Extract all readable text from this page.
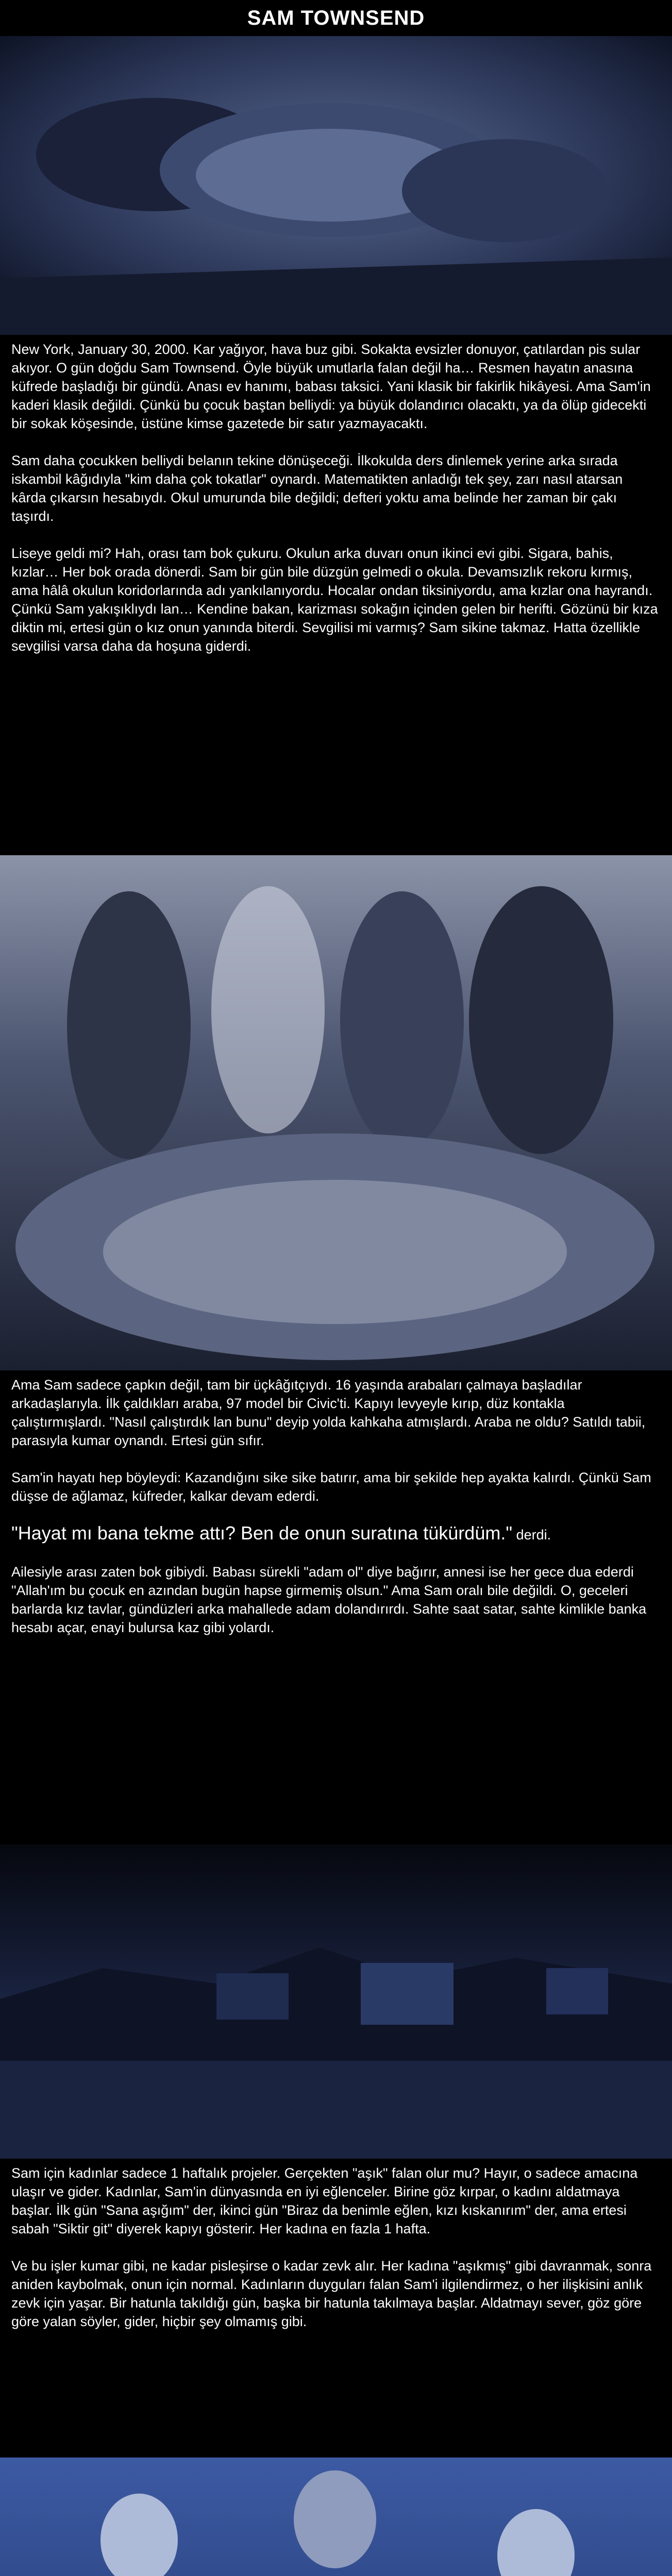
SAM TOWNSEND

New York, January 30, 2000. Kar yağıyor, hava buz gibi. Sokakta evsizler donuyor, çatılardan pis sular akıyor. O gün doğdu Sam Townsend. Öyle büyük umutlarla falan değil ha… Resmen hayatın anasına küfrede başladığı bir gündü. Anası ev hanımı, babası taksici. Yani klasik bir fakirlik hikâyesi. Ama Sam'in kaderi klasik değildi. Çünkü bu çocuk baştan belliydi: ya büyük dolandırıcı olacaktı, ya da ölüp gidecekti bir sokak köşesinde, üstüne kimse gazetede bir satır yazmayacaktı.

Sam daha çocukken belliydi belanın tekine dönüşeceği. İlkokulda ders dinlemek yerine arka sırada iskambil kâğıdıyla "kim daha çok tokatlar" oynardı. Matematikten anladığı tek şey, zarı nasıl atarsan kârda çıkarsın hesabıydı. Okul umurunda bile değildi; defteri yoktu ama belinde her zaman bir çakı taşırdı.

Liseye geldi mi? Hah, orası tam bok çukuru. Okulun arka duvarı onun ikinci evi gibi. Sigara, bahis, kızlar… Her bok orada dönerdi. Sam bir gün bile düzgün gelmedi o okula. Devamsızlık rekoru kırmış, ama hâlâ okulun koridorlarında adı yankılanıyordu. Hocalar ondan tiksiniyordu, ama kızlar ona hayrandı. Çünkü Sam yakışıklıydı lan… Kendine bakan, karizması sokağın içinden gelen bir herifti. Gözünü bir kıza diktin mi, ertesi gün o kız onun yanında biterdi. Sevgilisi mi varmış? Sam sikine takmaz. Hatta özellikle sevgilisi varsa daha da hoşuna giderdi.

Ama Sam sadece çapkın değil, tam bir üçkâğıtçıydı. 16 yaşında arabaları çalmaya başladılar arkadaşlarıyla. İlk çaldıkları araba, 97 model bir Civic'ti. Kapıyı levyeyle kırıp, düz kontakla çalıştırmışlardı. "Nasıl çalıştırdık lan bunu" deyip yolda kahkaha atmışlardı. Araba ne oldu? Satıldı tabii, parasıyla kumar oynandı. Ertesi gün sıfır.

Sam'in hayatı hep böyleydi: Kazandığını sike sike batırır, ama bir şekilde hep ayakta kalırdı. Çünkü Sam düşse de ağlamaz, küfreder, kalkar devam ederdi.

"Hayat mı bana tekme attı? Ben de onun suratına tükürdüm." derdi.

Ailesiyle arası zaten bok gibiydi. Babası sürekli "adam ol" diye bağırır, annesi ise her gece dua ederdi "Allah'ım bu çocuk en azından bugün hapse girmemiş olsun." Ama Sam oralı bile değildi. O, geceleri barlarda kız tavlar, gündüzleri arka mahallede adam dolandırırdı. Sahte saat satar, sahte kimlikle banka hesabı açar, enayi bulursa kaz gibi yolardı.

Sam için kadınlar sadece 1 haftalık projeler. Gerçekten "aşık" falan olur mu? Hayır, o sadece amacına ulaşır ve gider. Kadınlar, Sam'in dünyasında en iyi eğlenceler. Birine göz kırpar, o kadını aldatmaya başlar. İlk gün "Sana aşığım" der, ikinci gün "Biraz da benimle eğlen, kızı kıskanırım" der, ama ertesi sabah "Siktir git" diyerek kapıyı gösterir. Her kadına en fazla 1 hafta.

Ve bu işler kumar gibi, ne kadar pisleşirse o kadar zevk alır. Her kadına "aşıkmış" gibi davranmak, sonra aniden kaybolmak, onun için normal. Kadınların duyguları falan Sam'i ilgilendirmez, o her ilişkisini anlık zevk için yaşar. Bir hatunla takıldığı gün, başka bir hatunla takılmaya başlar. Aldatmayı sever, göz göre göre yalan söyler, gider, hiçbir şey olmamış gibi.
